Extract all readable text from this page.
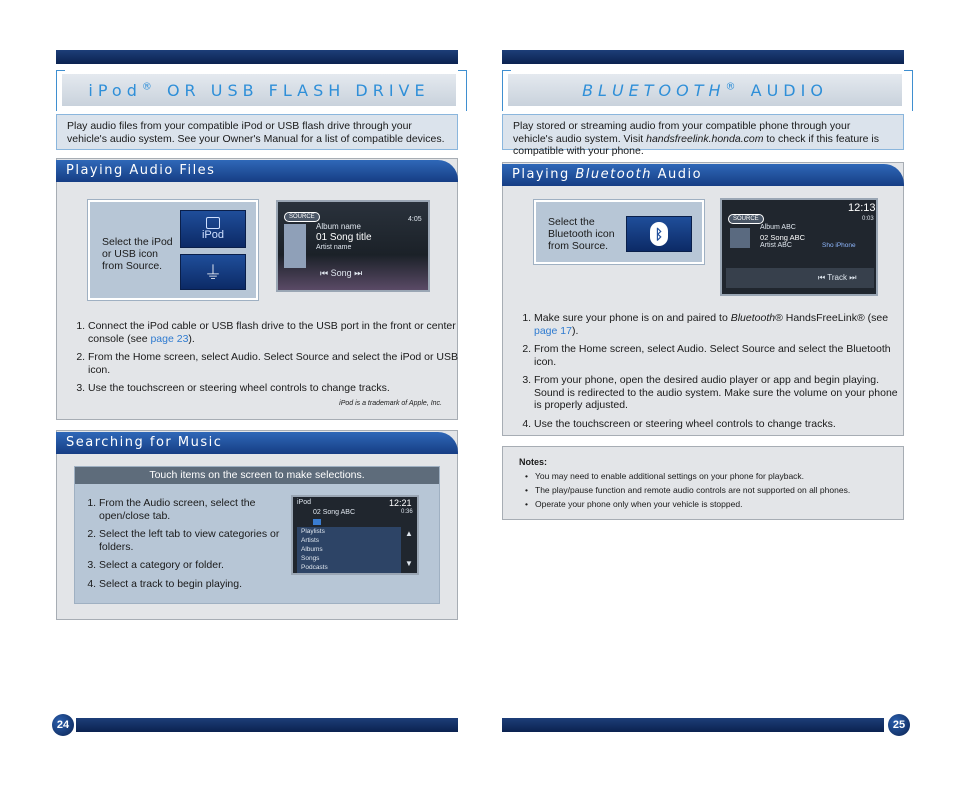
iPod® OR USB FLASH DRIVE
Play audio files from your compatible iPod or USB flash drive through your vehicle's audio system. See your Owner's Manual for a list of compatible devices.
Playing Audio Files
Select the iPod or USB icon from Source.
iPod
⏚
SOURCE
Album name
01 Song title
Artist name
4:05
⏮ Song ⏭
1. Connect the iPod cable or USB flash drive to the USB port in the front or center console (see page 23).
2. From the Home screen, select Audio. Select Source and select the iPod or USB icon.
3. Use the touchscreen or steering wheel controls to change tracks.
iPod is a trademark of Apple, Inc.
Searching for Music
Touch items on the screen to make selections.
1. From the Audio screen, select the open/close tab.
2. Select the left tab to view categories or folders.
3. Select a category or folder.
4. Select a track to begin playing.
iPod	12:21
02 Song ABC	0:36
Playlists
Artists
Albums
Songs
Podcasts
▲
▼
24
BLUETOOTH® AUDIO
Play stored or streaming audio from your compatible phone through your vehicle's audio system. Visit handsfreelink.honda.com to check if this feature is compatible with your phone.
Playing Bluetooth Audio
Select the Bluetooth icon from Source.
ᛒ
SOURCE
12:13
0:03
Album ABC
02 Song ABC
Artist ABC	Sho iPhone
⏮ Track ⏭
1. Make sure your phone is on and paired to Bluetooth® HandsFreeLink® (see page 17).
2. From the Home screen, select Audio. Select Source and select the Bluetooth icon.
3. From your phone, open the desired audio player or app and begin playing. Sound is redirected to the audio system. Make sure the volume on your phone is properly adjusted.
4. Use the touchscreen or steering wheel controls to change tracks.
Notes:
• You may need to enable additional settings on your phone for playback.
• The play/pause function and remote audio controls are not supported on all phones.
• Operate your phone only when your vehicle is stopped.
25
